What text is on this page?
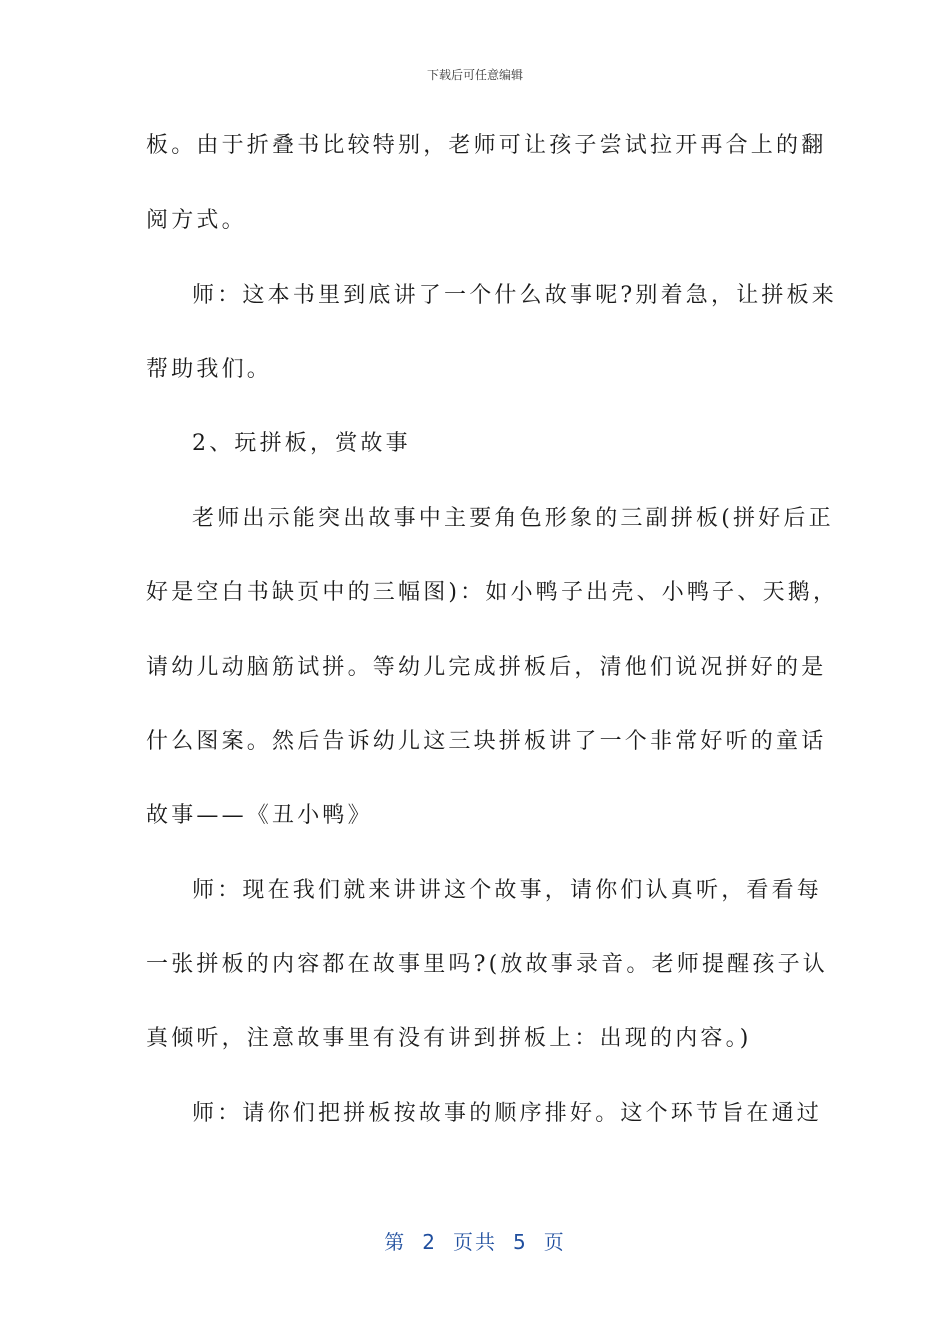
下载后可任意编辑
板。由于折叠书比较特别，老师可让孩子尝试拉开再合上的翻
阅方式。
师：这本书里到底讲了一个什么故事呢?别着急，让拼板来
帮助我们。
2、玩拼板，赏故事
老师出示能突出故事中主要角色形象的三副拼板(拼好后正
好是空白书缺页中的三幅图)：如小鸭子出壳、小鸭子、天鹅，
请幼儿动脑筋试拼。等幼儿完成拼板后，清他们说况拼好的是
什么图案。然后告诉幼儿这三块拼板讲了一个非常好听的童话
故事——《丑小鸭》
师：现在我们就来讲讲这个故事，请你们认真听，看看每
一张拼板的内容都在故事里吗?(放故事录音。老师提醒孩子认
真倾听，注意故事里有没有讲到拼板上：出现的内容。)
师：请你们把拼板按故事的顺序排好。这个环节旨在通过
第 2 页共 5 页
